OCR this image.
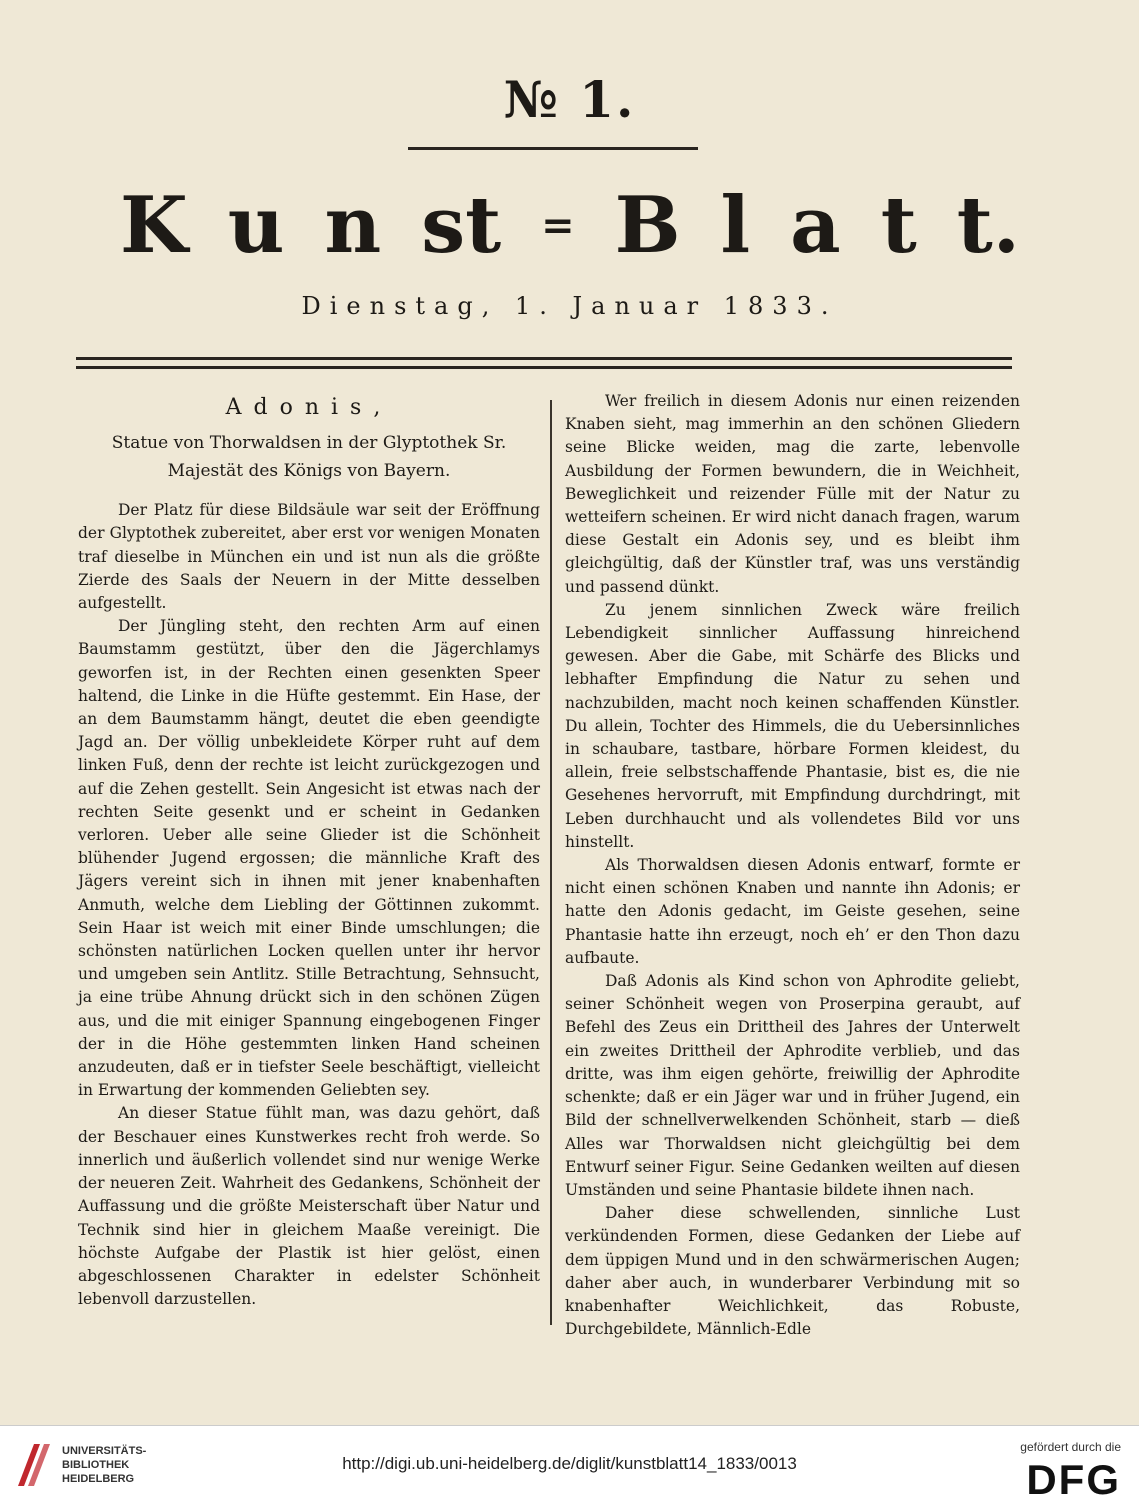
№ 1.
K u n st = B l a t t.
Dienstag, 1. Januar 1833.
Adonis,
Statue von Thorwaldsen in der Glyptothek Sr.
Majestät des Königs von Bayern.

Der Platz für diese Bildsäule war seit der Eröffnung der Glyptothek zubereitet, aber erst vor wenigen Monaten traf dieselbe in München ein und ist nun als die größte Zierde des Saals der Neuern in der Mitte desselben aufgestellt.

Der Jüngling steht, den rechten Arm auf einen Baumstamm gestützt, über den die Jägerchlamys geworfen ist, in der Rechten einen gesenkten Speer haltend, die Linke in die Hüfte gestemmt. Ein Hase, der an dem Baumstamm hängt, deutet die eben geendigte Jagd an. Der völlig unbekleidete Körper ruht auf dem linken Fuß, denn der rechte ist leicht zurückgezogen und auf die Zehen gestellt. Sein Angesicht ist etwas nach der rechten Seite gesenkt und er scheint in Gedanken verloren. Ueber alle seine Glieder ist die Schönheit blühender Jugend ergossen; die männliche Kraft des Jägers vereint sich in ihnen mit jener knabenhaften Anmuth, welche dem Liebling der Göttinnen zukommt. Sein Haar ist weich mit einer Binde umschlungen; die schönsten natürlichen Locken quellen unter ihr hervor und umgeben sein Antlitz. Stille Betrachtung, Sehnsucht, ja eine trübe Ahnung drückt sich in den schönen Zügen aus, und die mit einiger Spannung eingebogenen Finger der in die Höhe gestemmten linken Hand scheinen anzudeuten, daß er in tiefster Seele beschäftigt, vielleicht in Erwartung der kommenden Geliebten sey.

An dieser Statue fühlt man, was dazu gehört, daß der Beschauer eines Kunstwerkes recht froh werde. So innerlich und äußerlich vollendet sind nur wenige Werke der neueren Zeit. Wahrheit des Gedankens, Schönheit der Auffassung und die größte Meisterschaft über Natur und Technik sind hier in gleichem Maaße vereinigt. Die höchste Aufgabe der Plastik ist hier gelöst, einen abgeschlossenen Charakter in edelster Schönheit lebenvoll darzustellen.

Wer freilich in diesem Adonis nur einen reizenden Knaben sieht, mag immerhin an den schönen Gliedern seine Blicke weiden, mag die zarte, lebenvolle Ausbildung der Formen bewundern, die in Weichheit, Beweglichkeit und reizender Fülle mit der Natur zu wetteifern scheinen. Er wird nicht danach fragen, warum diese Gestalt ein Adonis sey, und es bleibt ihm gleichgültig, daß der Künstler traf, was uns verständig und passend dünkt.

Zu jenem sinnlichen Zweck wäre freilich Lebendigkeit sinnlicher Auffassung hinreichend gewesen. Aber die Gabe, mit Schärfe des Blicks und lebhafter Empfindung die Natur zu sehen und nachzubilden, macht noch keinen schaffenden Künstler. Du allein, Tochter des Himmels, die du Uebersinnliches in schaubare, tastbare, hörbare Formen kleidest, du allein, freie selbstschaffende Phantasie, bist es, die nie Gesehenes hervorruft, mit Empfindung durchdringt, mit Leben durchhaucht und als vollendetes Bild vor uns hinstellt.

Als Thorwaldsen diesen Adonis entwarf, formte er nicht einen schönen Knaben und nannte ihn Adonis; er hatte den Adonis gedacht, im Geiste gesehen, seine Phantasie hatte ihn erzeugt, noch eh’ er den Thon dazu aufbaute.

Daß Adonis als Kind schon von Aphrodite geliebt, seiner Schönheit wegen von Proserpina geraubt, auf Befehl des Zeus ein Drittheil des Jahres der Unterwelt ein zweites Drittheil der Aphrodite verblieb, und das dritte, was ihm eigen gehörte, freiwillig der Aphrodite schenkte; daß er ein Jäger war und in früher Jugend, ein Bild der schnellverwelkenden Schönheit, starb — dieß Alles war Thorwaldsen nicht gleichgültig bei dem Entwurf seiner Figur. Seine Gedanken weilten auf diesen Umständen und seine Phantasie bildete ihnen nach.

Daher diese schwellenden, sinnliche Lust verkündenden Formen, diese Gedanken der Liebe auf dem üppigen Mund und in den schwärmerischen Augen; daher aber auch, in wunderbarer Verbindung mit so knabenhafter Weichlichkeit, das Robuste, Durchgebildete, Männlich-Edle

UNIVERSITÄTS-
BIBLIOTHEK
HEIDELBERG
http://digi.ub.uni-heidelberg.de/diglit/kunstblatt14_1833/0013
gefördert durch die
DFG
